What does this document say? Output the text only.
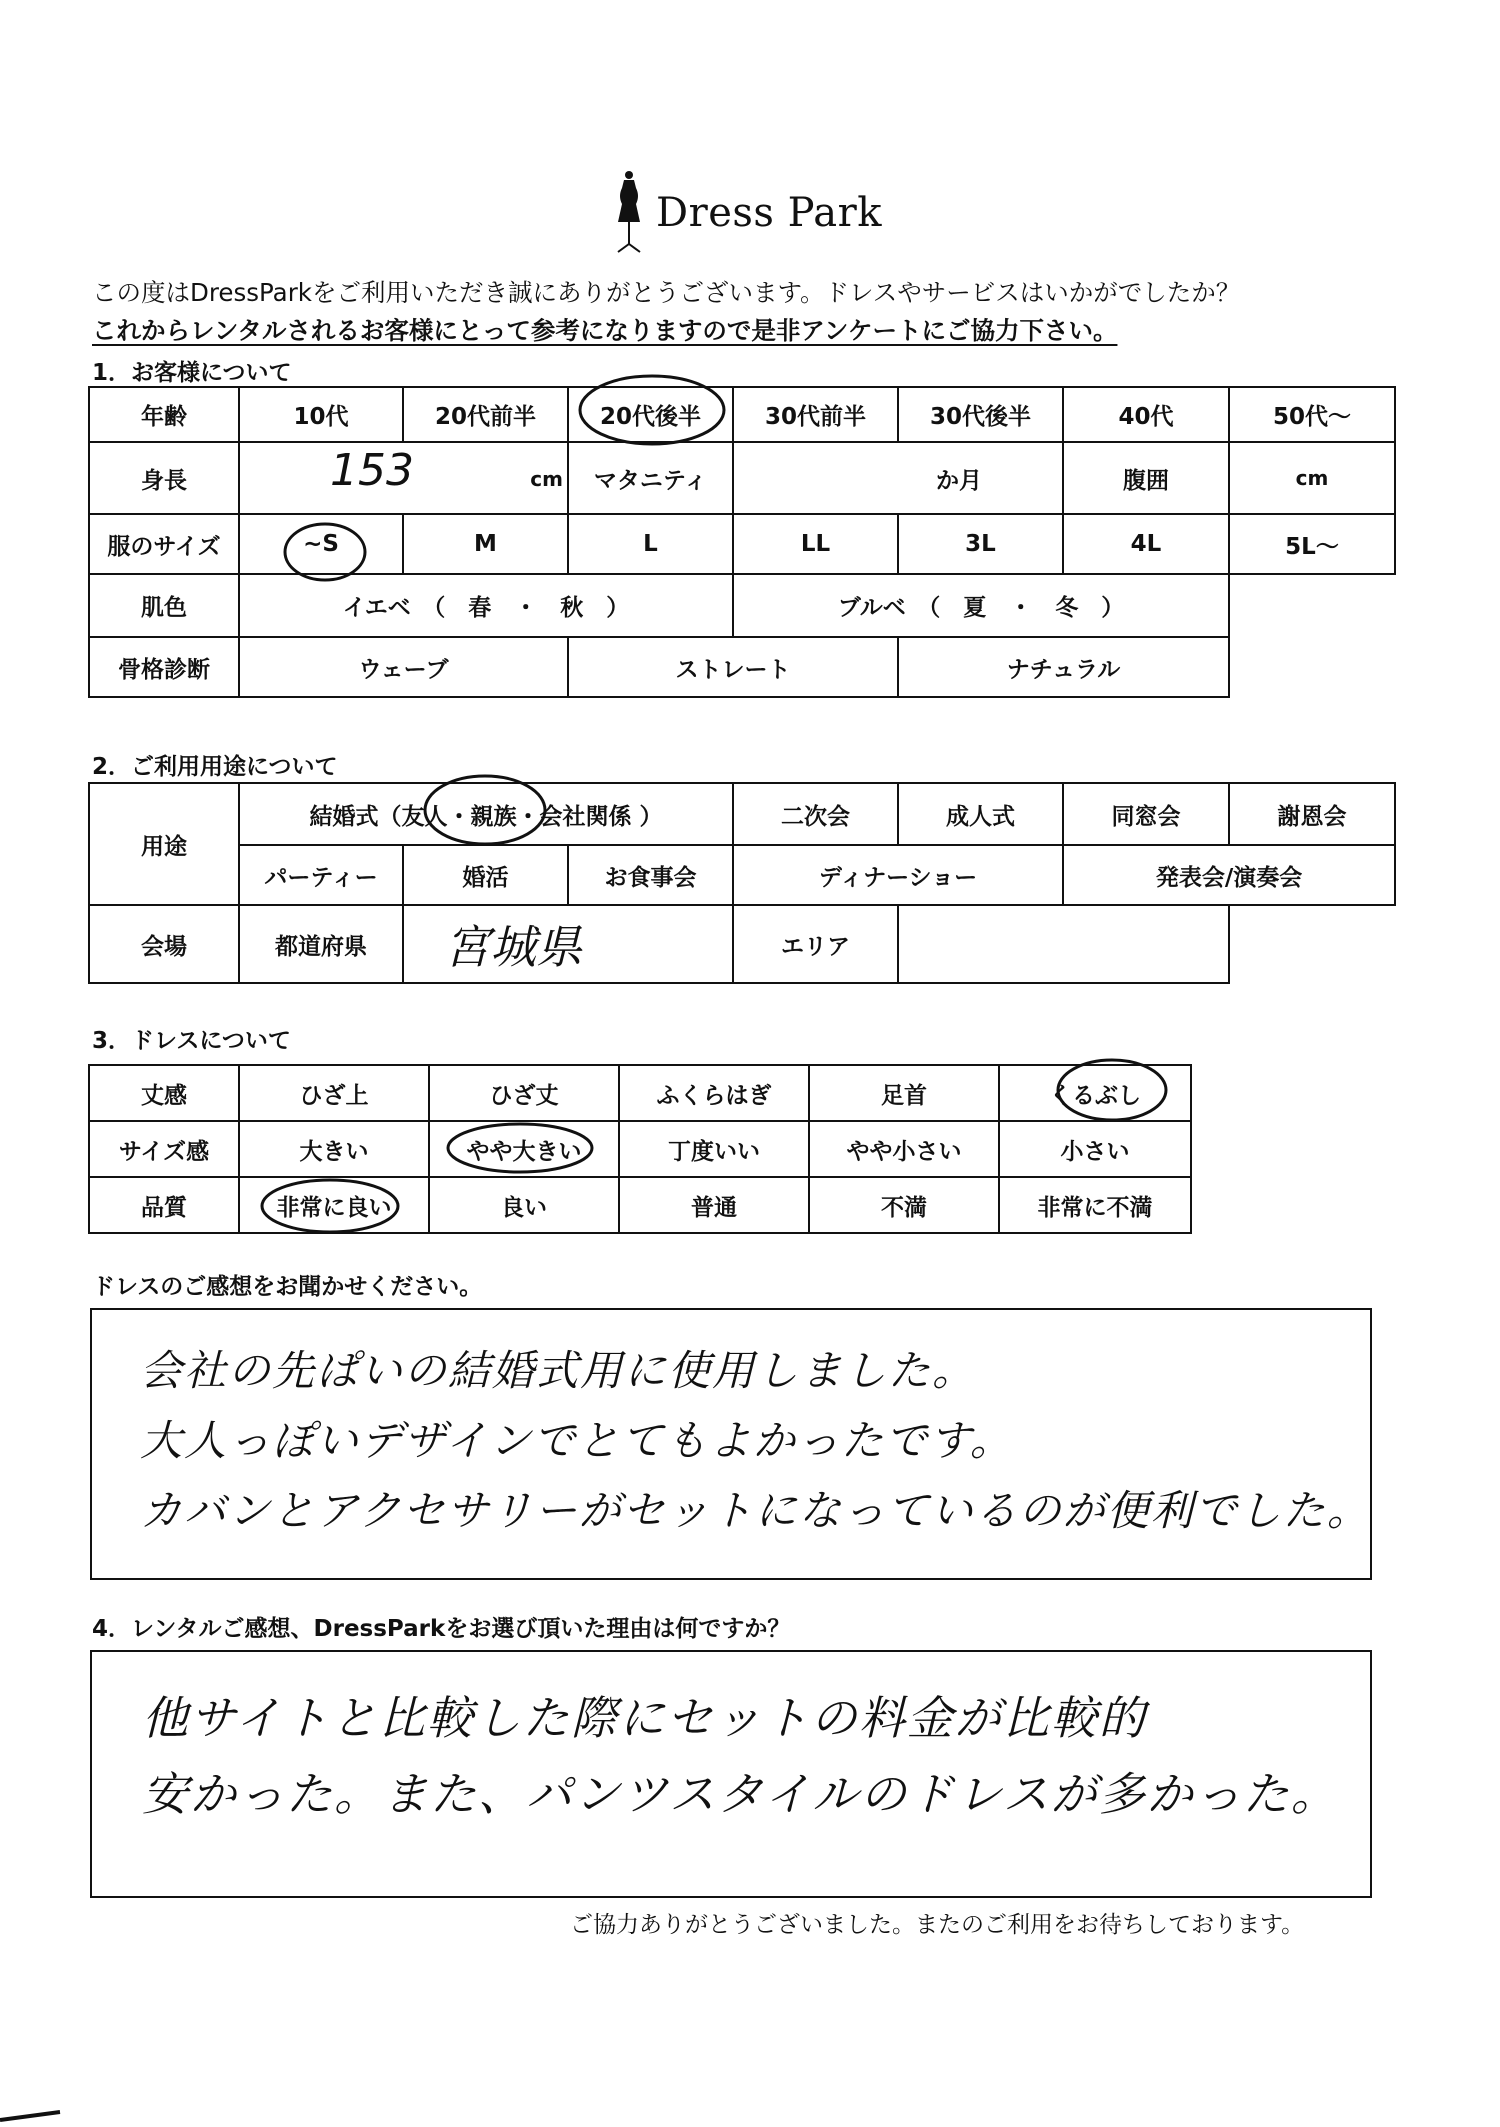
Dress Park
この度はDressParkをご利用いただき誠にありがとうございます。ドレスやサービスはいかがでしたか？
これからレンタルされるお客様にとって参考になりますので是非アンケートにご協力下さい。
1．お客様について
年齢	10代	20代前半	20代後半	30代前半	30代後半	40代	50代～
身長	153 cm		マタニティ	か月		腹囲	cm
服のサイズ	~S	M	L	LL	3L	4L	5L～
肌色	イエベ　（　春　・　秋　）			ブルベ　（　夏　・　冬　）			
骨格診断	ウェーブ		ストレート		ナチュラル		
2．ご利用用途について
用途	結婚式（友人・親族・会社関係 ）			二次会	成人式	同窓会	謝恩会
	パーティー	婚活	お食事会	ディナーショー		発表会/演奏会	
会場	都道府県	宮城県		エリア			
3．ドレスについて
丈感	ひざ上	ひざ丈	ふくらはぎ	足首	くるぶし
サイズ感	大きい	やや大きい	丁度いい	やや小さい	小さい
品質	非常に良い	良い	普通	不満	非常に不満
ドレスのご感想をお聞かせください。
会社の先ぱいの結婚式用に使用しました。
大人っぽいデザインでとてもよかったです。
カバンとアクセサリーがセットになっているのが便利でした。
4．レンタルご感想、DressParkをお選び頂いた理由は何ですか？
他サイトと比較した際にセットの料金が比較的
安かった。また、パンツスタイルのドレスが多かった。
ご協力ありがとうございました。またのご利用をお待ちしております。
